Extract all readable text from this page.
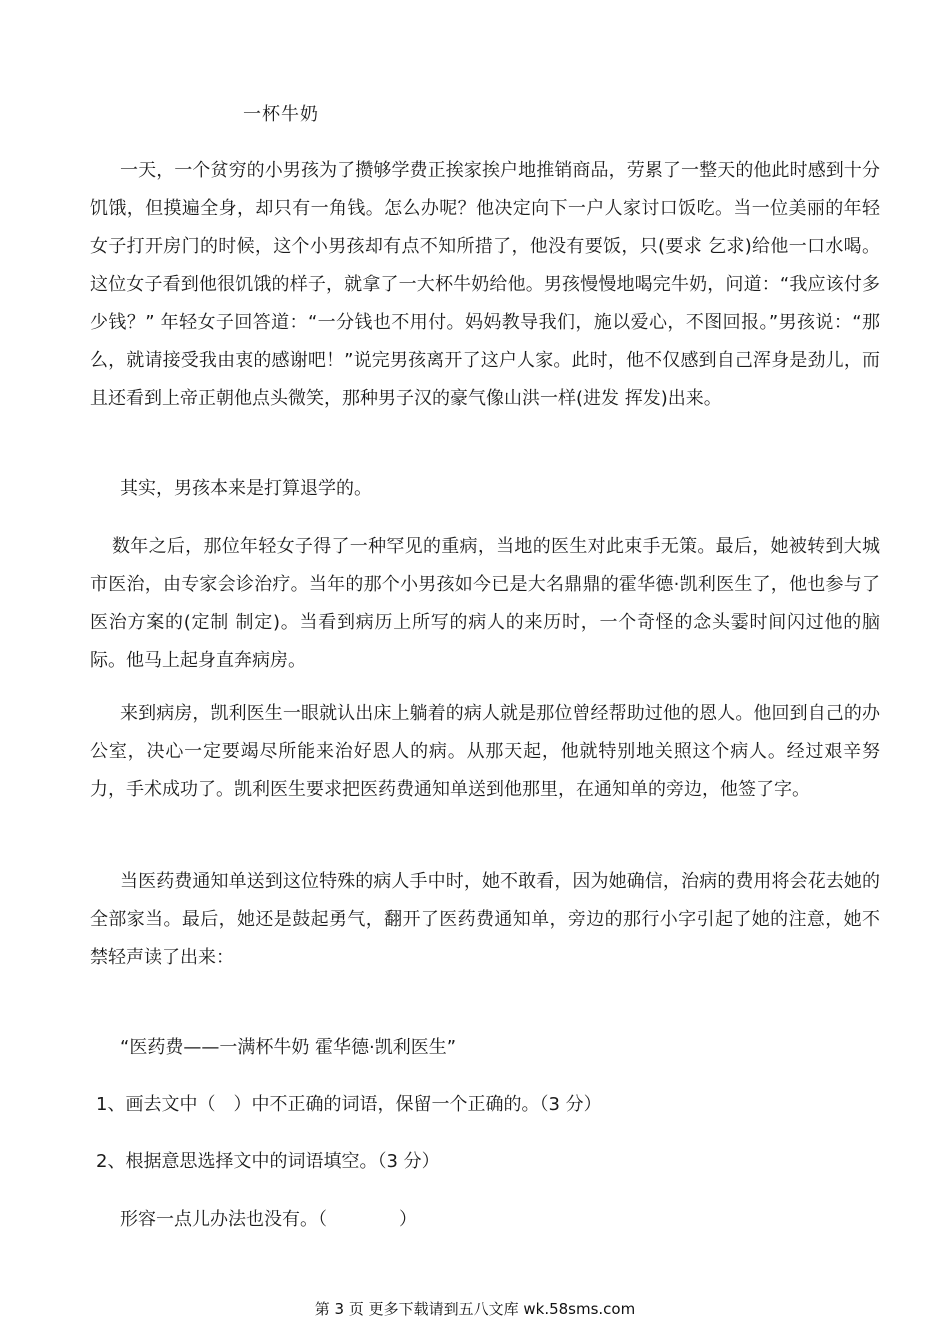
一杯牛奶

一天，一个贫穷的小男孩为了攒够学费正挨家挨户地推销商品，劳累了一整天的他此时感到十分饥饿，但摸遍全身，却只有一角钱。怎么办呢？他决定向下一户人家讨口饭吃。当一位美丽的年轻女子打开房门的时候，这个小男孩却有点不知所措了，他没有要饭，只(要求 乞求)给他一口水喝。这位女子看到他很饥饿的样子，就拿了一大杯牛奶给他。男孩慢慢地喝完牛奶，问道：“我应该付多少钱？” 年轻女子回答道：“一分钱也不用付。妈妈教导我们，施以爱心，不图回报。”男孩说：“那么，就请接受我由衷的感谢吧！”说完男孩离开了这户人家。此时，他不仅感到自己浑身是劲儿，而且还看到上帝正朝他点头微笑，那种男子汉的豪气像山洪一样(进发 挥发)出来。

其实，男孩本来是打算退学的。

数年之后，那位年轻女子得了一种罕见的重病，当地的医生对此束手无策。最后，她被转到大城市医治，由专家会诊治疗。当年的那个小男孩如今已是大名鼎鼎的霍华德·凯利医生了，他也参与了医治方案的(定制 制定)。当看到病历上所写的病人的来历时，一个奇怪的念头霎时间闪过他的脑际。他马上起身直奔病房。

来到病房，凯利医生一眼就认出床上躺着的病人就是那位曾经帮助过他的恩人。他回到自己的办公室，决心一定要竭尽所能来治好恩人的病。从那天起，他就特别地关照这个病人。经过艰辛努力，手术成功了。凯利医生要求把医药费通知单送到他那里，在通知单的旁边，他签了字。

当医药费通知单送到这位特殊的病人手中时，她不敢看，因为她确信，治病的费用将会花去她的全部家当。最后，她还是鼓起勇气，翻开了医药费通知单，旁边的那行小字引起了她的注意，她不禁轻声读了出来：

“医药费——一满杯牛奶 霍华德·凯利医生”

1、画去文中（　）中不正确的词语，保留一个正确的。（3 分）

2、根据意思选择文中的词语填空。（3 分）

形容一点儿办法也没有。（　　　　）

第 3 页 更多下载请到五八文库 wk.58sms.com
